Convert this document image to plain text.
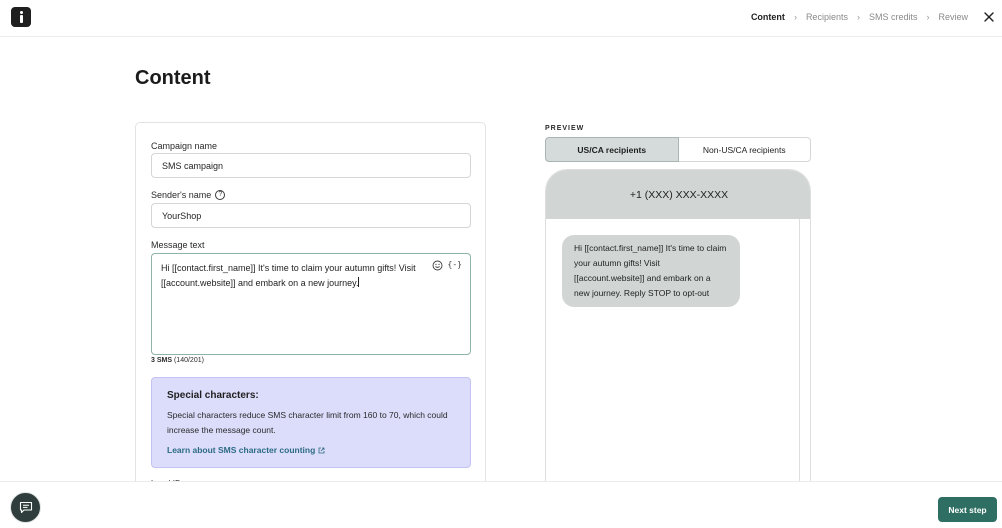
Content › Recipients › SMS credits › Review
Content
Campaign name
SMS campaign
Sender's name	?
YourShop
Message text
Hi [[contact.first_name]] It's time to claim your autumn gifts! Visit [[account.website]] and embark on a new journey.
{-}
3 SMS (140/201)
Special characters:
Special characters reduce SMS character limit from 160 to 70, which could increase the message count.
Learn about SMS character counting
PREVIEW
US/CA recipients	Non-US/CA recipients
+1 (XXX) XXX-XXXX
Hi [[contact.first_name]] It's time to claim your autumn gifts! Visit [[account.website]] and embark on a new journey. Reply STOP to opt-out
Next step
